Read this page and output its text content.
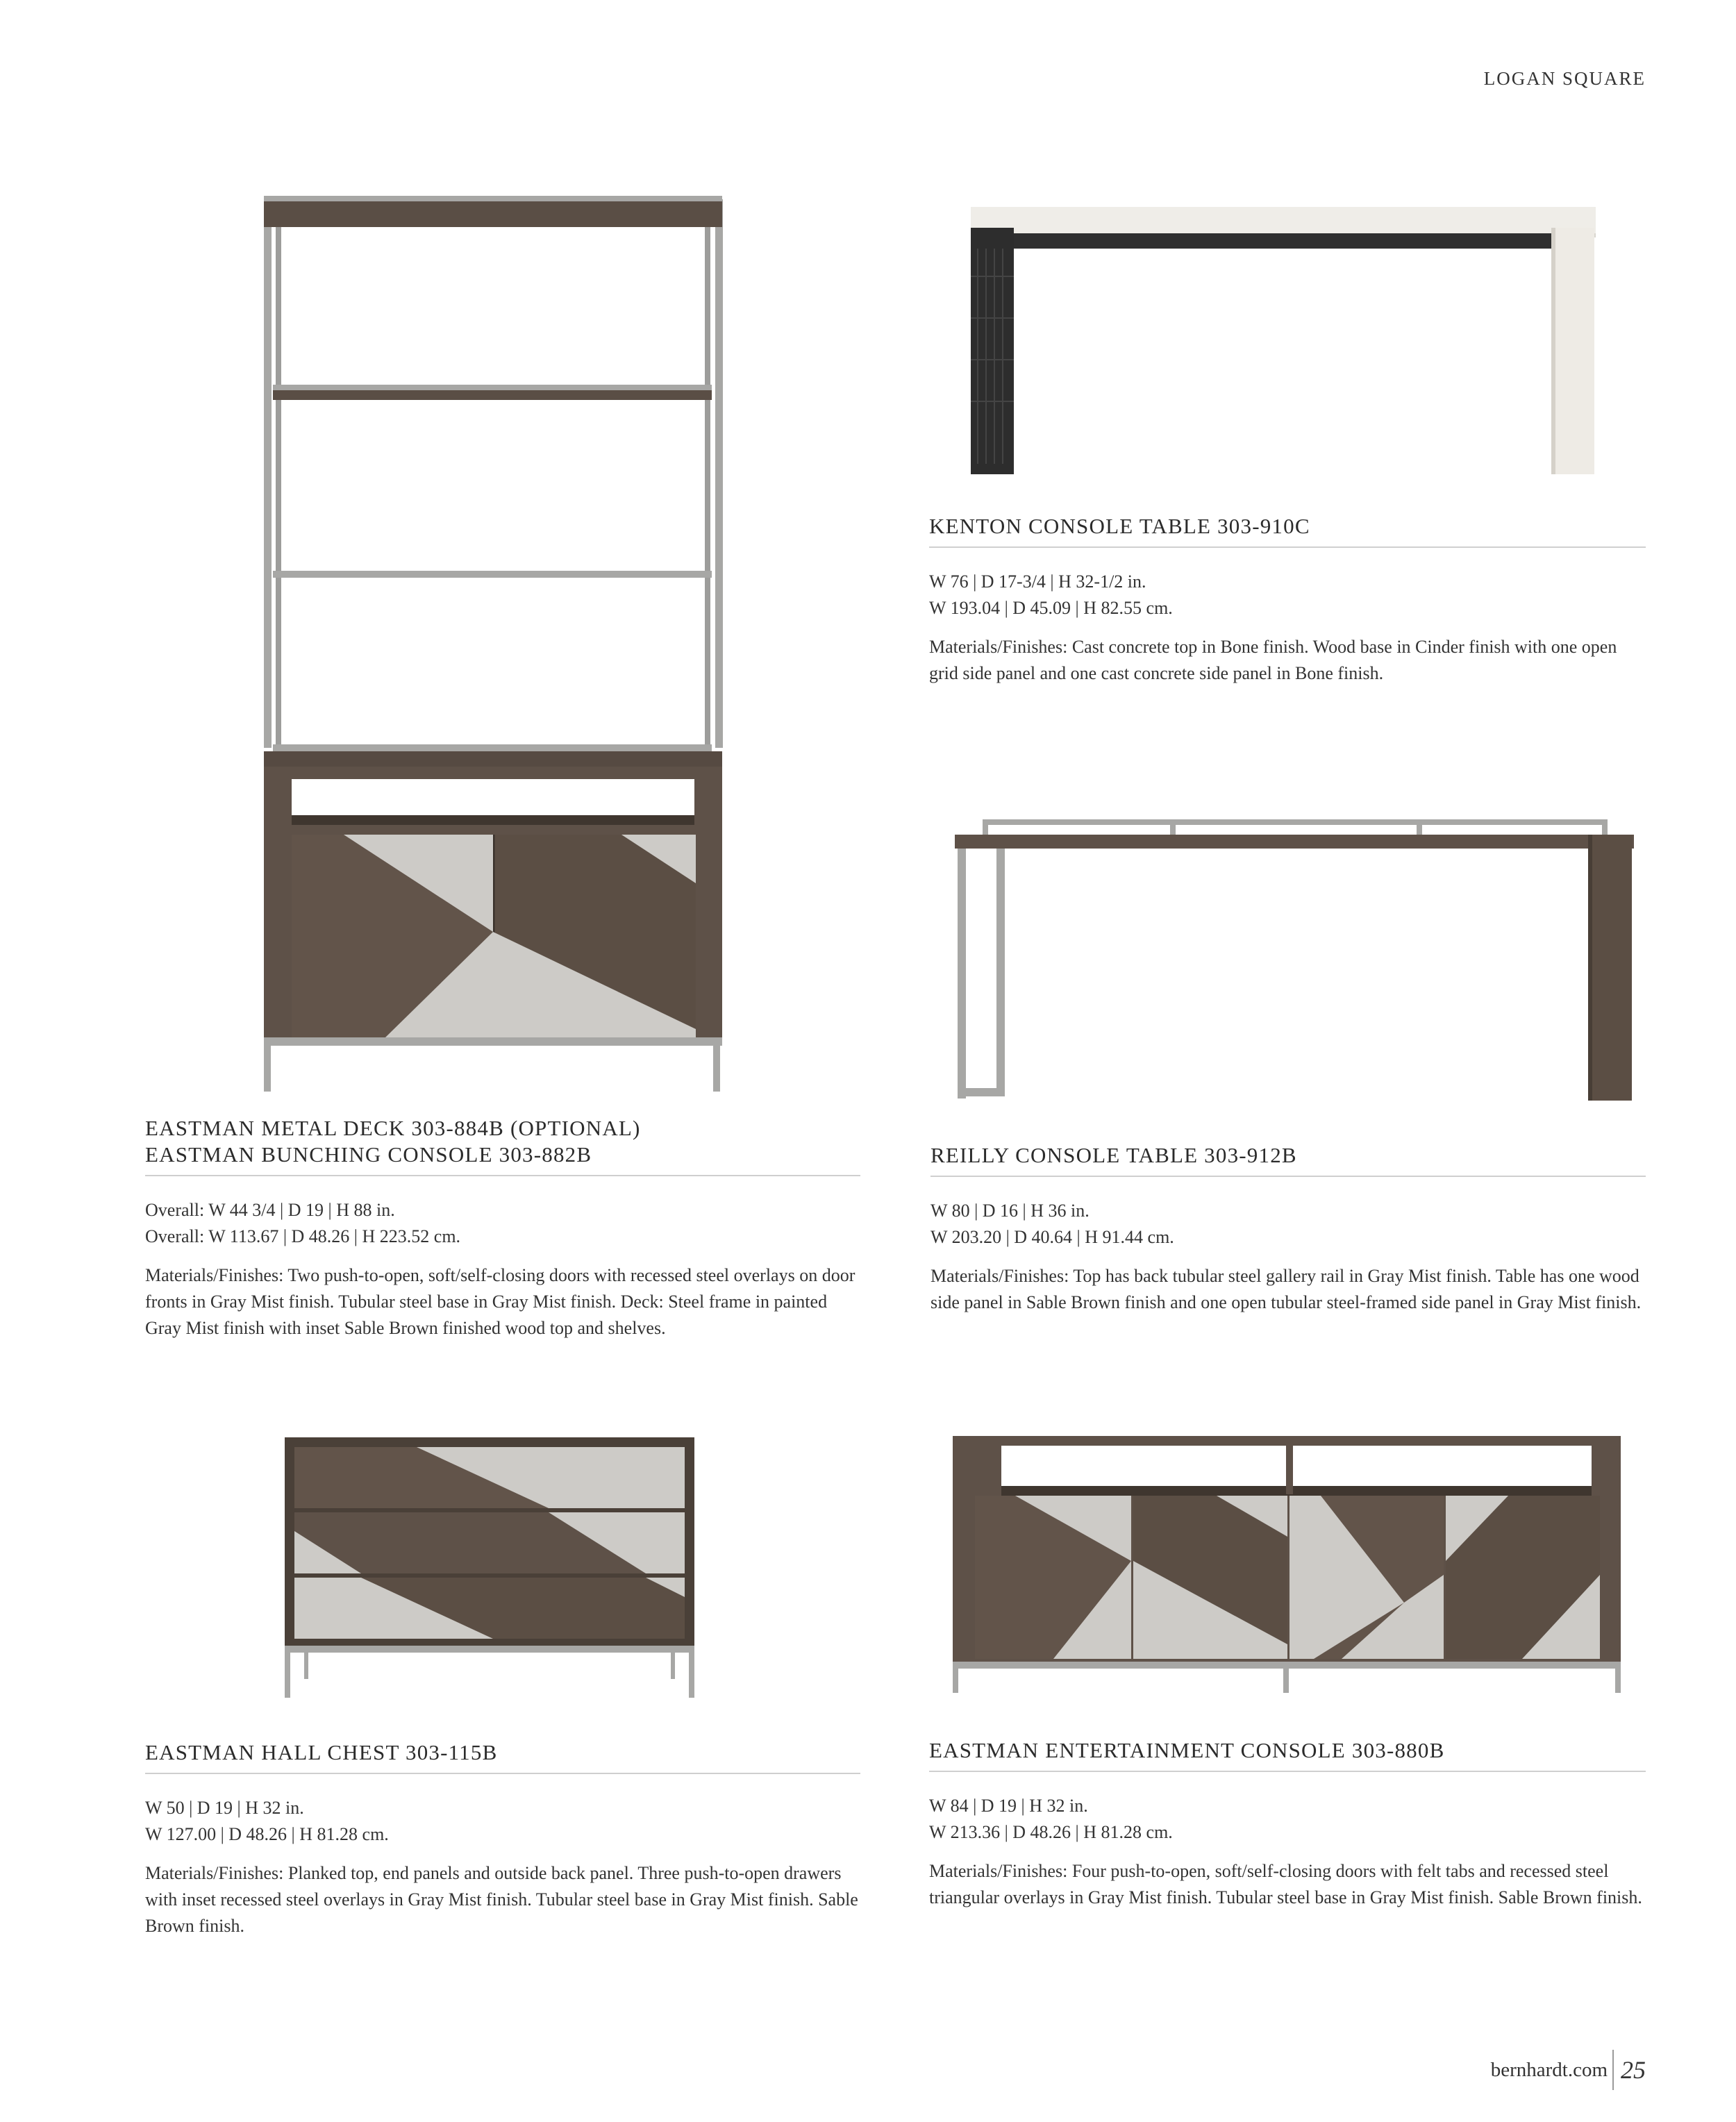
LOGAN SQUARE
EASTMAN METAL DECK 303-884B (OPTIONAL)
EASTMAN BUNCHING CONSOLE 303-882B
Overall: W 44 3/4 | D 19 | H 88 in.
Overall: W 113.67 | D 48.26 | H 223.52 cm.
Materials/Finishes: Two push-to-open, soft/self-closing doors with recessed steel overlays on door fronts in Gray Mist finish. Tubular steel base in Gray Mist finish. Deck: Steel frame in painted Gray Mist finish with inset Sable Brown finished wood top and shelves.
KENTON CONSOLE TABLE 303-910C
W 76 | D 17-3/4 | H 32-1/2 in.
W 193.04 | D 45.09 | H 82.55 cm.
Materials/Finishes: Cast concrete top in Bone finish. Wood base in Cinder finish with one open grid side panel and one cast concrete side panel in Bone finish.
REILLY CONSOLE TABLE 303-912B
W 80 | D 16 | H 36 in.
W 203.20 | D 40.64 | H 91.44 cm.
Materials/Finishes: Top has back tubular steel gallery rail in Gray Mist finish. Table has one wood side panel in Sable Brown finish and one open tubular steel-framed side panel in Gray Mist finish.
EASTMAN HALL CHEST 303-115B
W 50 | D 19 | H 32 in.
W 127.00 | D 48.26 | H 81.28 cm.
Materials/Finishes: Planked top, end panels and outside back panel. Three push-to-open drawers with inset recessed steel overlays in Gray Mist finish. Tubular steel base in Gray Mist finish. Sable Brown finish.
EASTMAN ENTERTAINMENT CONSOLE 303-880B
W 84 | D 19 | H 32 in.
W 213.36 | D 48.26 | H 81.28 cm.
Materials/Finishes: Four push-to-open, soft/self-closing doors with felt tabs and recessed steel triangular overlays in Gray Mist finish. Tubular steel base in Gray Mist finish. Sable Brown finish.
bernhardt.com 25
